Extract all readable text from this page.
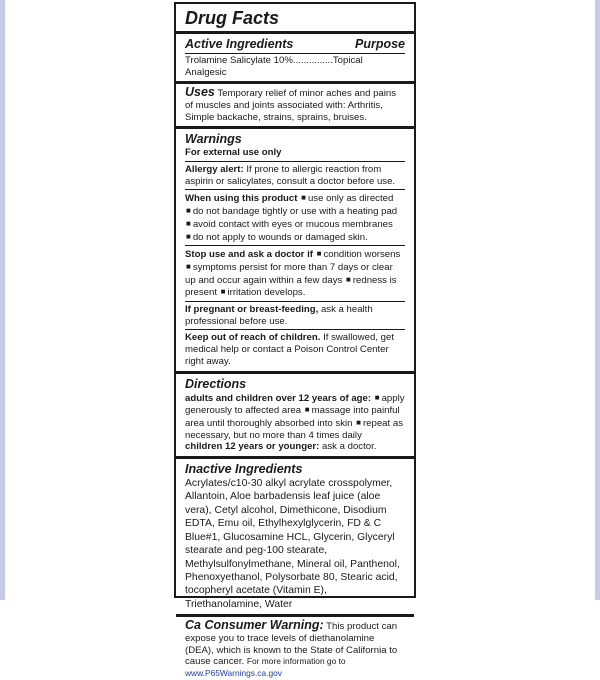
Drug Facts
Active Ingredients	Purpose
Trolamine Salicylate 10%...............Topical Analgesic
Uses Temporary relief of minor aches and pains of muscles and joints associated with: Arthritis, Simple backache, strains, sprains, bruises.
Warnings
For external use only
Allergy alert: If prone to allergic reaction from aspirin or salicylates, consult a doctor before use.
When using this product ■ use only as directed
■ do not bandage tightly or use with a heating pad
■ avoid contact with eyes or mucous membranes
■ do not apply to wounds or damaged skin.
Stop use and ask a doctor if ■ condition worsens ■ symptoms persist for more than 7 days or clear up and occur again within a few days ■ redness is present ■ irritation develops.
If pregnant or breast-feeding, ask a health professional before use.
Keep out of reach of children. If swallowed, get medical help or contact a Poison Control Center right away.
Directions
adults and children over 12 years of age: ■ apply generously to affected area ■ massage into painful area until thoroughly absorbed into skin ■ repeat as necessary, but no more than 4 times daily
children 12 years or younger: ask a doctor.
Inactive Ingredients
Acrylates/c10-30 alkyl acrylate crosspolymer, Allantoin, Aloe barbadensis leaf juice (aloe vera), Cetyl alcohol, Dimethicone, Disodium EDTA, Emu oil, Ethylhexylglycerin, FD & C Blue#1, Glucosamine HCL, Glycerin, Glyceryl stearate and peg-100 stearate, Methylsulfonylmethane, Mineral oil, Panthenol, Phenoxyethanol, Polysorbate 80, Stearic acid, tocopheryl acetate (Vitamin E), Triethanolamine, Water
Ca Consumer Warning: This product can expose you to trace levels of diethanolamine (DEA), which is known to the State of California to cause cancer. For more information go to www.P65Warnings.ca.gov
